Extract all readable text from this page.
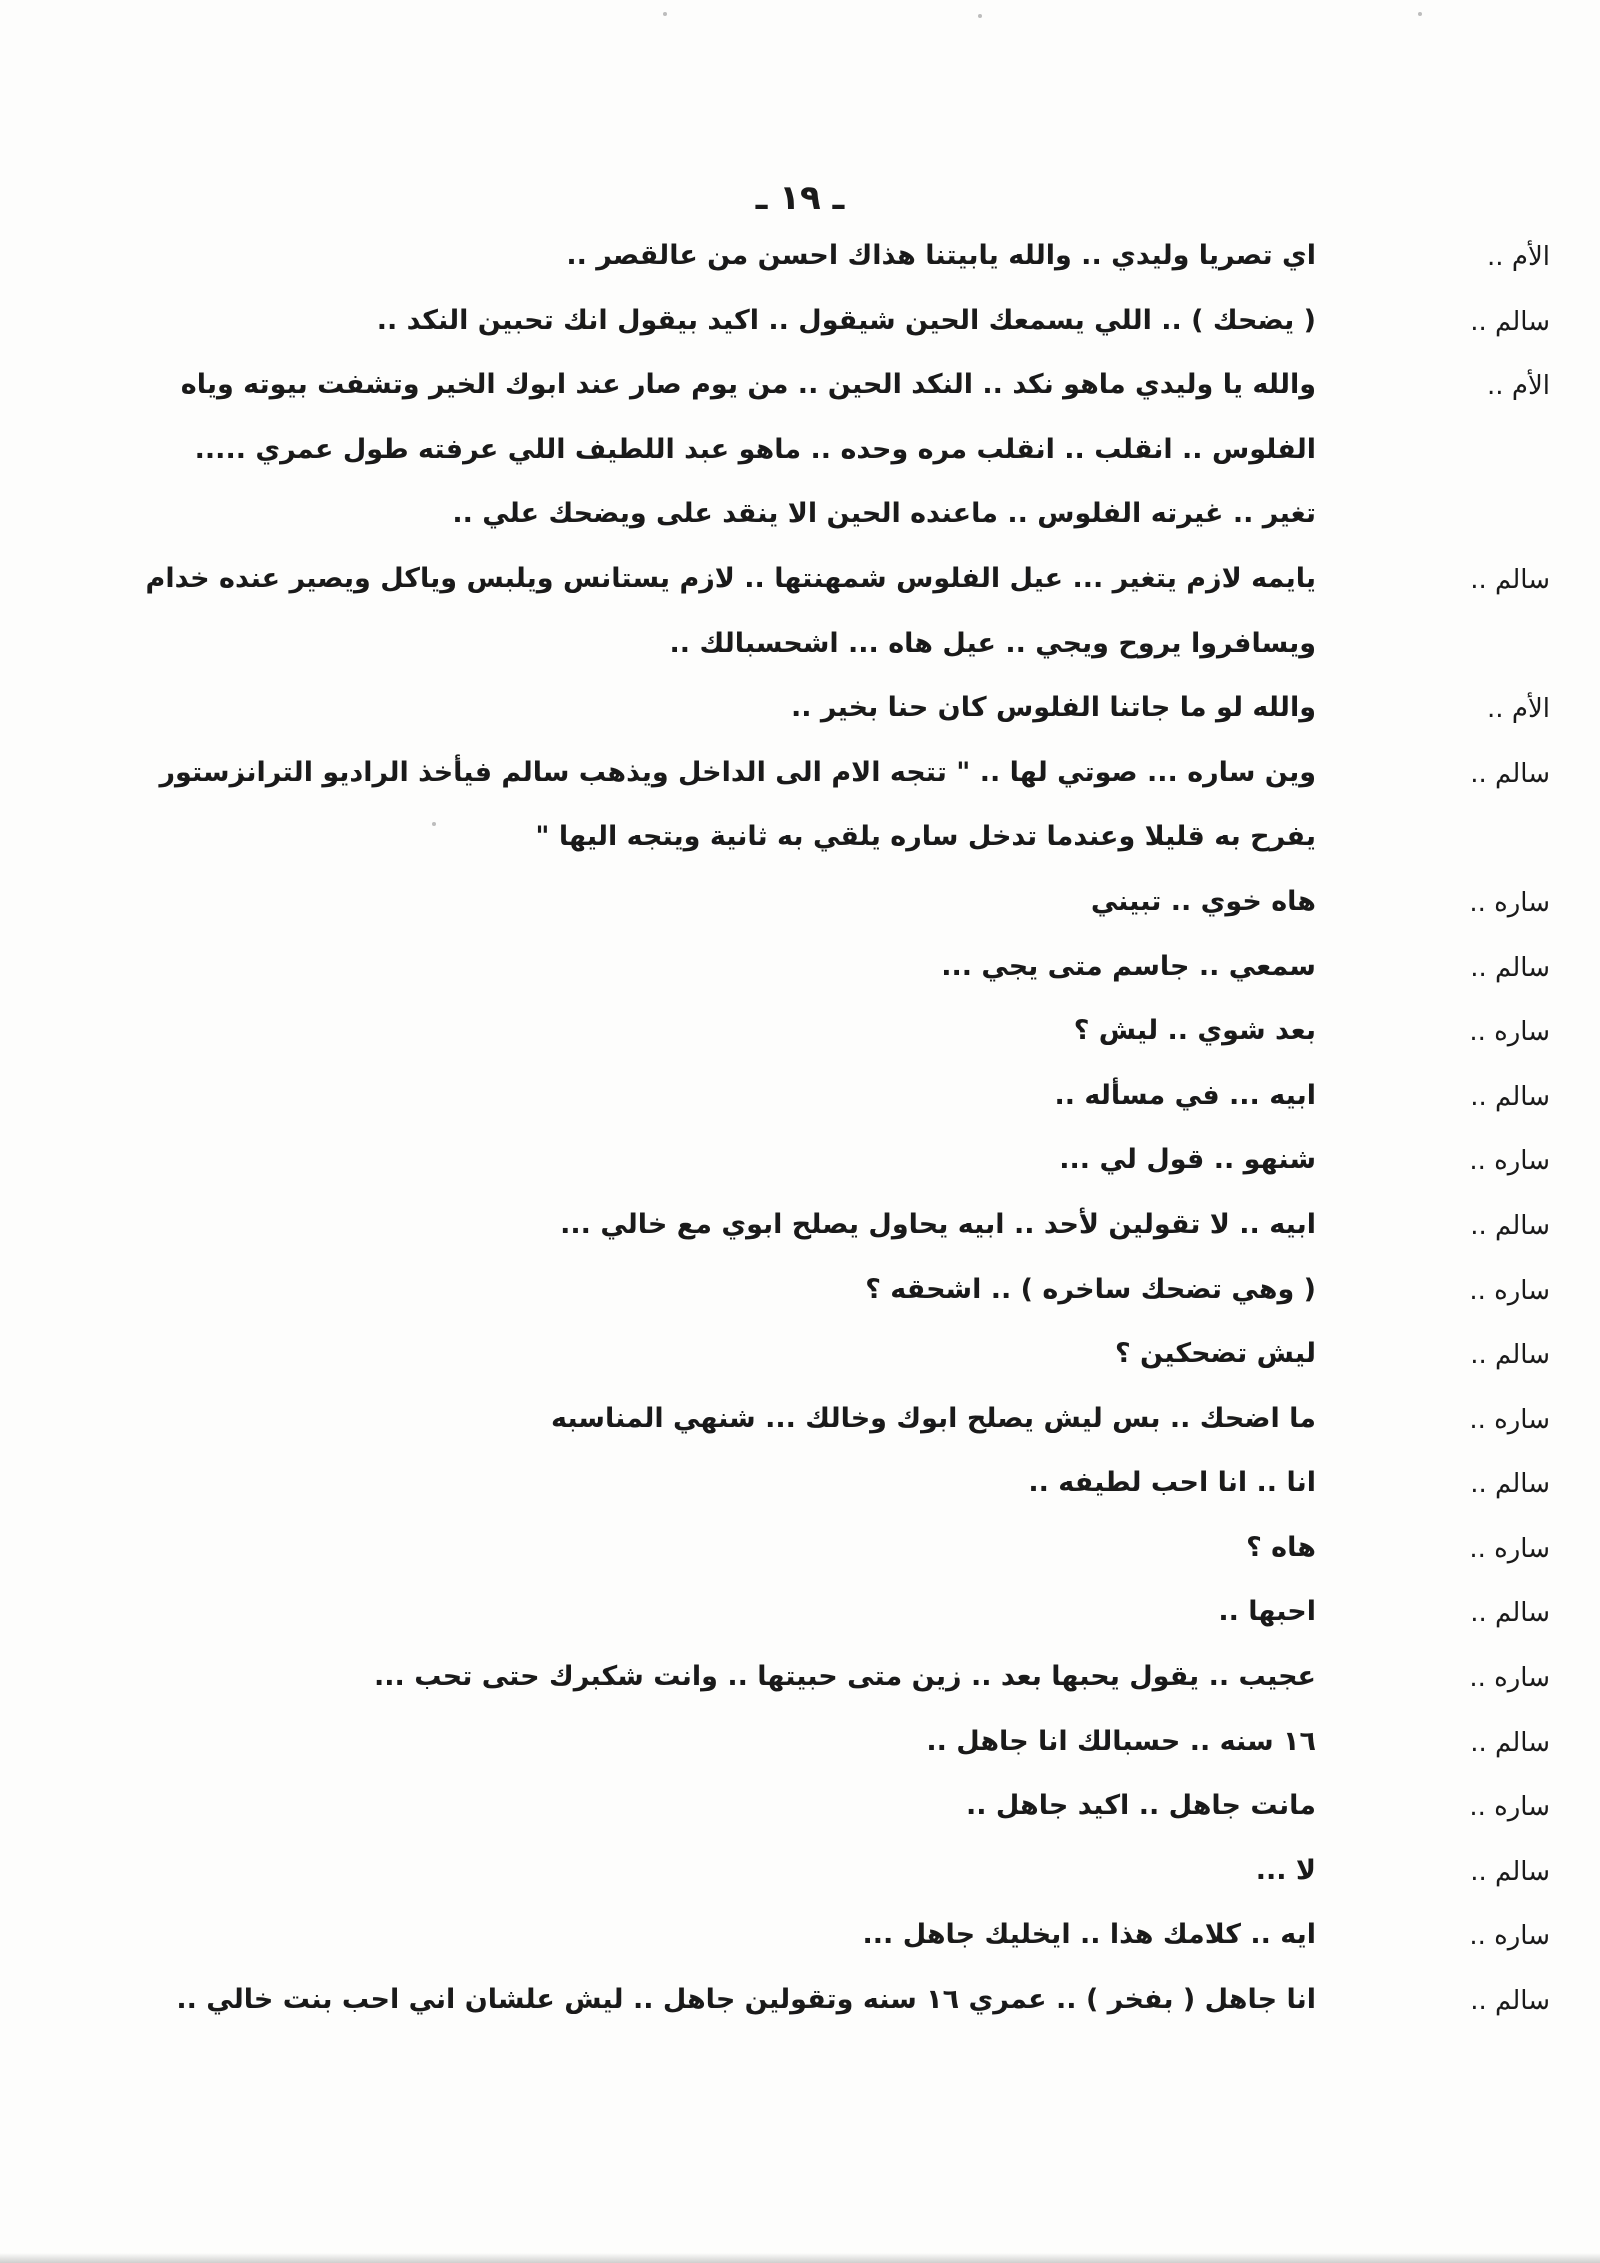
ـ ١٩ ـ
الأم ..
اي تصريا وليدي .. والله يابيتنا هذاك احسن من عالقصر ..
سالم ..
( يضحك ) .. اللي يسمعك الحين شيقول .. اكيد بيقول انك تحبين النكد ..
الأم ..
والله يا وليدي ماهو نكد .. النكد الحين .. من يوم صار عند ابوك الخير وتشفت بيوته وياه
الفلوس .. انقلب .. انقلب مره وحده .. ماهو عبد اللطيف اللي عرفته طول عمري .....
تغير .. غيرته الفلوس .. ماعنده الحين الا ينقد على ويضحك علي ..
سالم ..
يايمه لازم يتغير ... عيل الفلوس شمهنتها .. لازم يستانس ويلبس وياكل ويصير عنده خدام
ويسافروا يروح ويجي .. عيل هاه ... اشحسبالك ..
الأم ..
والله لو ما جاتنا الفلوس كان حنا بخير ..
سالم ..
وين ساره ... صوتي لها .. " تتجه الام الى الداخل ويذهب سالم فيأخذ الراديو الترانزستور
يفرح به قليلا وعندما تدخل ساره يلقي به ثانية ويتجه اليها "
ساره ..
هاه خوي .. تبيني
سالم ..
سمعي .. جاسم متى يجي ...
ساره ..
بعد شوي .. ليش ؟
سالم ..
ابيه ... في مسأله ..
ساره ..
شنهو .. قول لي ...
سالم ..
ابيه .. لا تقولين لأحد .. ابيه يحاول يصلح ابوي مع خالي ...
ساره ..
( وهي تضحك ساخره ) .. اشحقه ؟
سالم ..
ليش تضحكين ؟
ساره ..
ما اضحك .. بس ليش يصلح ابوك وخالك ... شنهي المناسبه
سالم ..
انا .. انا احب لطيفه ..
ساره ..
هاه ؟
سالم ..
احبها ..
ساره ..
عجيب .. يقول يحبها بعد .. زين متى حبيتها .. وانت شكبرك حتى تحب ...
سالم ..
١٦ سنه .. حسبالك انا جاهل ..
ساره ..
مانت جاهل .. اكيد جاهل ..
سالم ..
لا ...
ساره ..
ايه .. كلامك هذا .. ايخليك جاهل ...
سالم ..
انا جاهل ( بفخر ) .. عمري ١٦ سنه وتقولين جاهل .. ليش علشان اني احب بنت خالي ..
